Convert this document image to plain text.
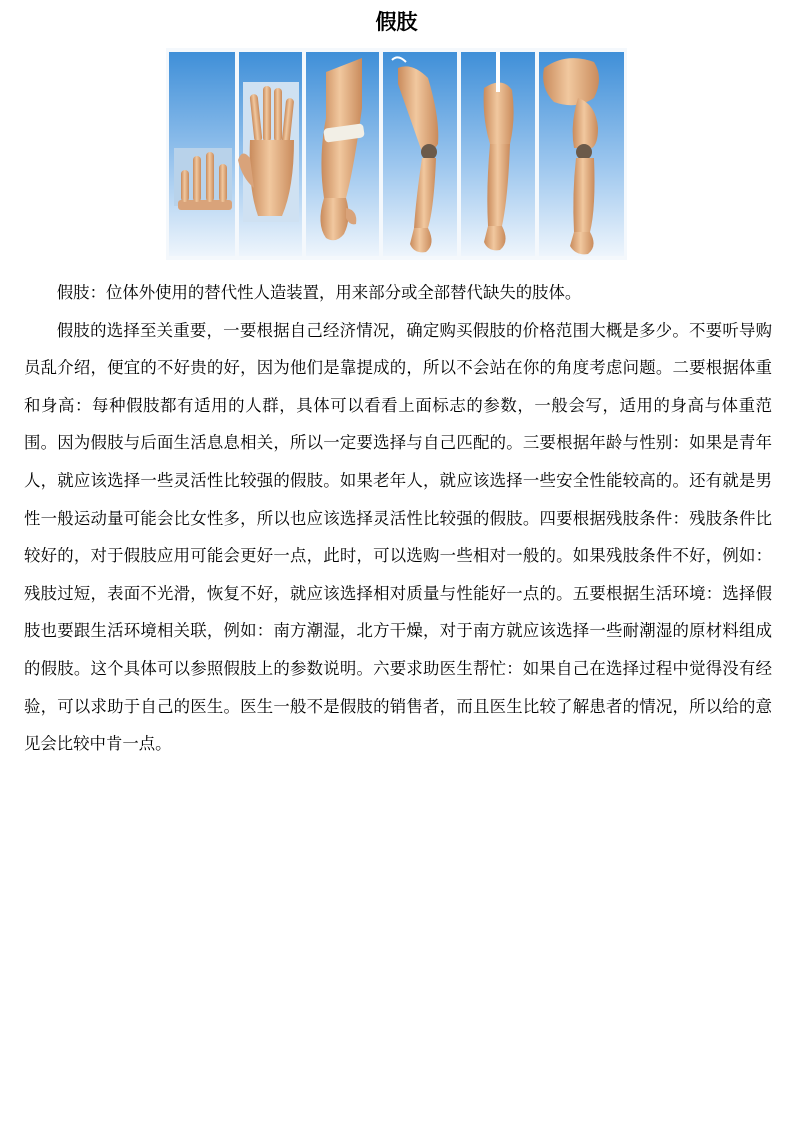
假肢

假肢：位体外使用的替代性人造装置，用来部分或全部替代缺失的肢体。

假肢的选择至关重要，一要根据自己经济情况，确定购买假肢的价格范围大概是多少。不要听导购员乱介绍，便宜的不好贵的好，因为他们是靠提成的，所以不会站在你的角度考虑问题。二要根据体重和身高：每种假肢都有适用的人群，具体可以看看上面标志的参数，一般会写，适用的身高与体重范围。因为假肢与后面生活息息相关，所以一定要选择与自己匹配的。三要根据年龄与性别：如果是青年人，就应该选择一些灵活性比较强的假肢。如果老年人，就应该选择一些安全性能较高的。还有就是男性一般运动量可能会比女性多，所以也应该选择灵活性比较强的假肢。四要根据残肢条件：残肢条件比较好的，对于假肢应用可能会更好一点，此时，可以选购一些相对一般的。如果残肢条件不好，例如：残肢过短，表面不光滑，恢复不好，就应该选择相对质量与性能好一点的。五要根据生活环境：选择假肢也要跟生活环境相关联，例如：南方潮湿，北方干燥，对于南方就应该选择一些耐潮湿的原材料组成的假肢。这个具体可以参照假肢上的参数说明。六要求助医生帮忙：如果自己在选择过程中觉得没有经验，可以求助于自己的医生。医生一般不是假肢的销售者，而且医生比较了解患者的情况，所以给的意见会比较中肯一点。
